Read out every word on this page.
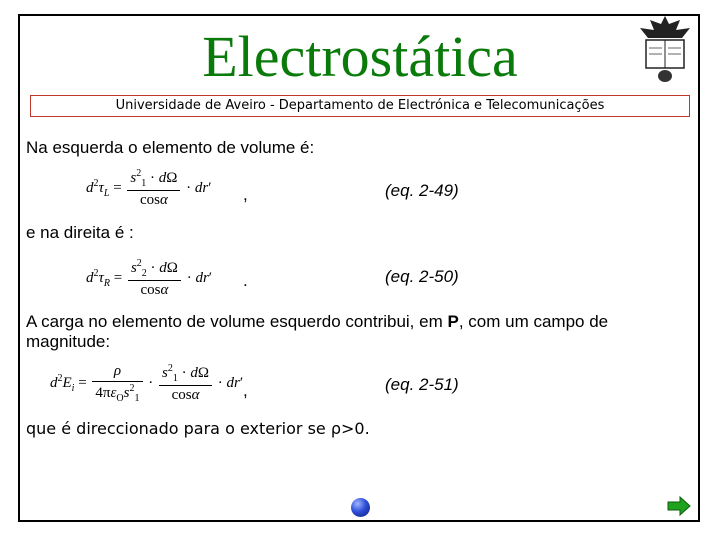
Electrostática
Universidade de Aveiro - Departamento de Electrónica e Telecomunicações
Na esquerda o elemento de volume é:
$d^2\tau_L = \frac{s^2_1 \cdot d\Omega}{\cos\alpha} \cdot dr'$ ,	(eq. 2-49)
e na direita é :
$d^2\tau_R = \frac{s^2_2 \cdot d\Omega}{\cos\alpha} \cdot dr'$ .	(eq. 2-50)
A carga no elemento de volume esquerdo contribui, em P, com um campo de magnitude:
$d^2E_i = \frac{\rho}{4\pi\varepsilon_Os^2_1} \cdot \frac{s^2_1 \cdot d\Omega}{\cos\alpha} \cdot dr'$ ,	(eq. 2-51)
que é direccionado para o exterior se ρ>0.
